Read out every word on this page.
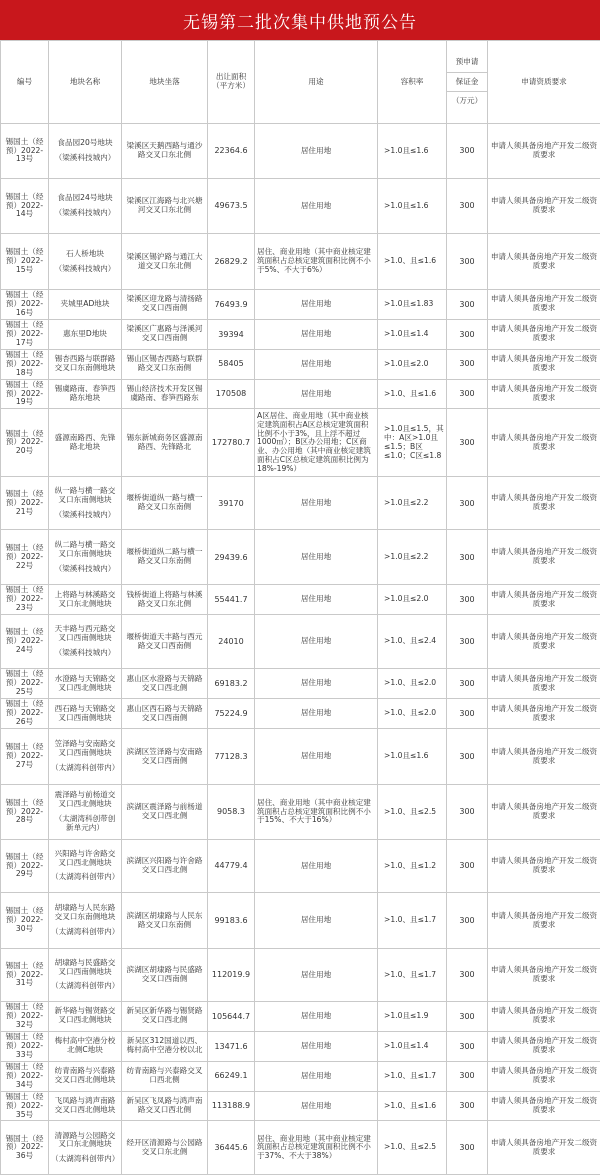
无锡第二批次集中供地预公告
编号	地块名称	地块坐落	出让面积（平方米）	用途	容积率	预申请
保证金
（万元）	申请资质要求
锡国土（经预）2022-13号	食品园20号地块
（梁溪科技城内）	梁溪区天鹅西路与通沙路交叉口东北侧	22364.6	居住用地	>1.0且≤1.6	300	申请人须具备房地产开发二级资质要求
锡国土（经预）2022-14号	食品园24号地块
（梁溪科技城内）	梁溪区江海路与北兴塘河交叉口东北侧	49673.5	居住用地	>1.0且≤1.6	300	申请人须具备房地产开发二级资质要求
锡国土（经预）2022-15号	石人桥地块
（梁溪科技城内）	梁溪区锡沪路与通江大道交叉口东北侧	26829.2	居住、商业用地（其中商业核定建筑面积占总核定建筑面积比例不小于5%、不大于6%）	>1.0、且≤1.6	300	申请人须具备房地产开发二级资质要求
锡国土（经预）2022-16号	夹城里AD地块	梁溪区迎龙路与清扬路交叉口西南侧	76493.9	居住用地	>1.0且≤1.83	300	申请人须具备房地产开发二级资质要求
锡国土（经预）2022-17号	惠东里D地块	梁溪区广惠路与泽溪河交叉口西南侧	39394	居住用地	>1.0且≤1.4	300	申请人须具备房地产开发二级资质要求
锡国土（经预）2022-18号	锡杏西路与联群路交叉口东南侧地块	锡山区锡杏西路与联群路交叉口东南侧	58405	居住用地	>1.0且≤2.0	300	申请人须具备房地产开发二级资质要求
锡国土（经预）2022-19号	锡虞路南、春笋西路东地块	锡山经济技术开发区锡虞路南、春笋西路东	170508	居住用地	>1.0、且≤1.6	300	申请人须具备房地产开发二级资质要求
锡国土（经预）2022-20号	盛源南路西、先锋路北地块	锡东新城商务区盛源南路西、先锋路北	172780.7	A区居住、商业用地（其中商业核定建筑面积占A区总核定建筑面积比例不小于3%，且上浮不超过1000㎡）；B区办公用地；C区商业、办公用地（其中商业核定建筑面积占C区总核定建筑面积比例为18%-19%）	>1.0且≤1.5，其中：A区>1.0且≤1.5；B区≤1.0；C区≤1.8	300	申请人须具备房地产开发二级资质要求
锡国土（经预）2022-21号	纵一路与横一路交叉口东南侧地块
（梁溪科技城内）	堰桥街道纵一路与横一路交叉口东南侧	39170	居住用地	>1.0且≤2.2	300	申请人须具备房地产开发二级资质要求
锡国土（经预）2022-22号	纵二路与横一路交叉口东南侧地块
（梁溪科技城内）	堰桥街道纵二路与横一路交叉口东南侧	29439.6	居住用地	>1.0且≤2.2	300	申请人须具备房地产开发二级资质要求
锡国土（经预）2022-23号	上将路与林溪路交叉口东北侧地块	钱桥街道上将路与林溪路交叉口东北侧	55441.7	居住用地	>1.0且≤2.0	300	申请人须具备房地产开发二级资质要求
锡国土（经预）2022-24号	天丰路与西元路交叉口西南侧地块
（梁溪科技城内）	堰桥街道天丰路与西元路交叉口西南侧	24010	居住用地	>1.0、且≤2.4	300	申请人须具备房地产开发二级资质要求
锡国土（经预）2022-25号	水澄路与天锦路交叉口西北侧地块	惠山区水澄路与天锦路交叉口西北侧	69183.2	居住用地	>1.0、且≤2.0	300	申请人须具备房地产开发二级资质要求
锡国土（经预）2022-26号	西石路与天锦路交叉口西南侧地块	惠山区西石路与天锦路交叉口西南侧	75224.9	居住用地	>1.0、且≤2.0	300	申请人须具备房地产开发二级资质要求
锡国土（经预）2022-27号	笠泽路与安南路交叉口西南侧地块
（太湖湾科创带内）	滨湖区笠泽路与安南路交叉口西南侧	77128.3	居住用地	>1.0且≤1.6	300	申请人须具备房地产开发二级资质要求
锡国土（经预）2022-28号	震泽路与前杨道交叉口西北侧地块
（太湖湾科创带创新单元内）	滨湖区震泽路与前杨道交叉口西北侧	9058.3	居住、商业用地（其中商业核定建筑面积占总核定建筑面积比例不小于15%、不大于16%）	>1.0、且≤2.5	300	申请人须具备房地产开发二级资质要求
锡国土（经预）2022-29号	兴阳路与许舍路交叉口西北侧地块
（太湖湾科创带内）	滨湖区兴阳路与许舍路交叉口西北侧	44779.4	居住用地	>1.0、且≤1.2	300	申请人须具备房地产开发二级资质要求
锡国土（经预）2022-30号	胡埭路与人民东路交叉口东南侧地块
（太湖湾科创带内）	滨湖区胡埭路与人民东路交叉口东南侧	99183.6	居住用地	>1.0、且≤1.7	300	申请人须具备房地产开发二级资质要求
锡国土（经预）2022-31号	胡埭路与民盛路交叉口西南侧地块
（太湖湾科创带内）	滨湖区胡埭路与民盛路交叉口西南侧	112019.9	居住用地	>1.0、且≤1.7	300	申请人须具备房地产开发二级资质要求
锡国土（经预）2022-32号	新华路与锡贤路交叉口西北侧地块	新吴区新华路与锡贤路交叉口西北侧	105644.7	居住用地	>1.0且≤1.9	300	申请人须具备房地产开发二级资质要求
锡国土（经预）2022-33号	梅村高中空港分校北侧C地块	新吴区312国道以西、梅村高中空港分校以北	13471.6	居住用地	>1.0且≤1.4	300	申请人须具备房地产开发二级资质要求
锡国土（经预）2022-34号	纺青南路与兴泰路交叉口西北侧地块	纺青南路与兴泰路交叉口西北侧	66249.1	居住用地	>1.0、且≤1.7	300	申请人须具备房地产开发二级资质要求
锡国土（经预）2022-35号	飞凤路与鸿声南路交叉口西北侧地块	新吴区飞凤路与鸿声南路交叉口西北侧	113188.9	居住用地	>1.0、且≤1.6	300	申请人须具备房地产开发二级资质要求
锡国土（经预）2022-36号	清源路与公园路交叉口东北侧地块
（太湖湾科创带内）	经开区清源路与公园路交叉口东北侧	36445.6	居住、商业用地（其中商业核定建筑面积占总核定建筑面积比例不小于37%、不大于38%）	>1.0、且≤2.5	300	申请人须具备房地产开发二级资质要求
